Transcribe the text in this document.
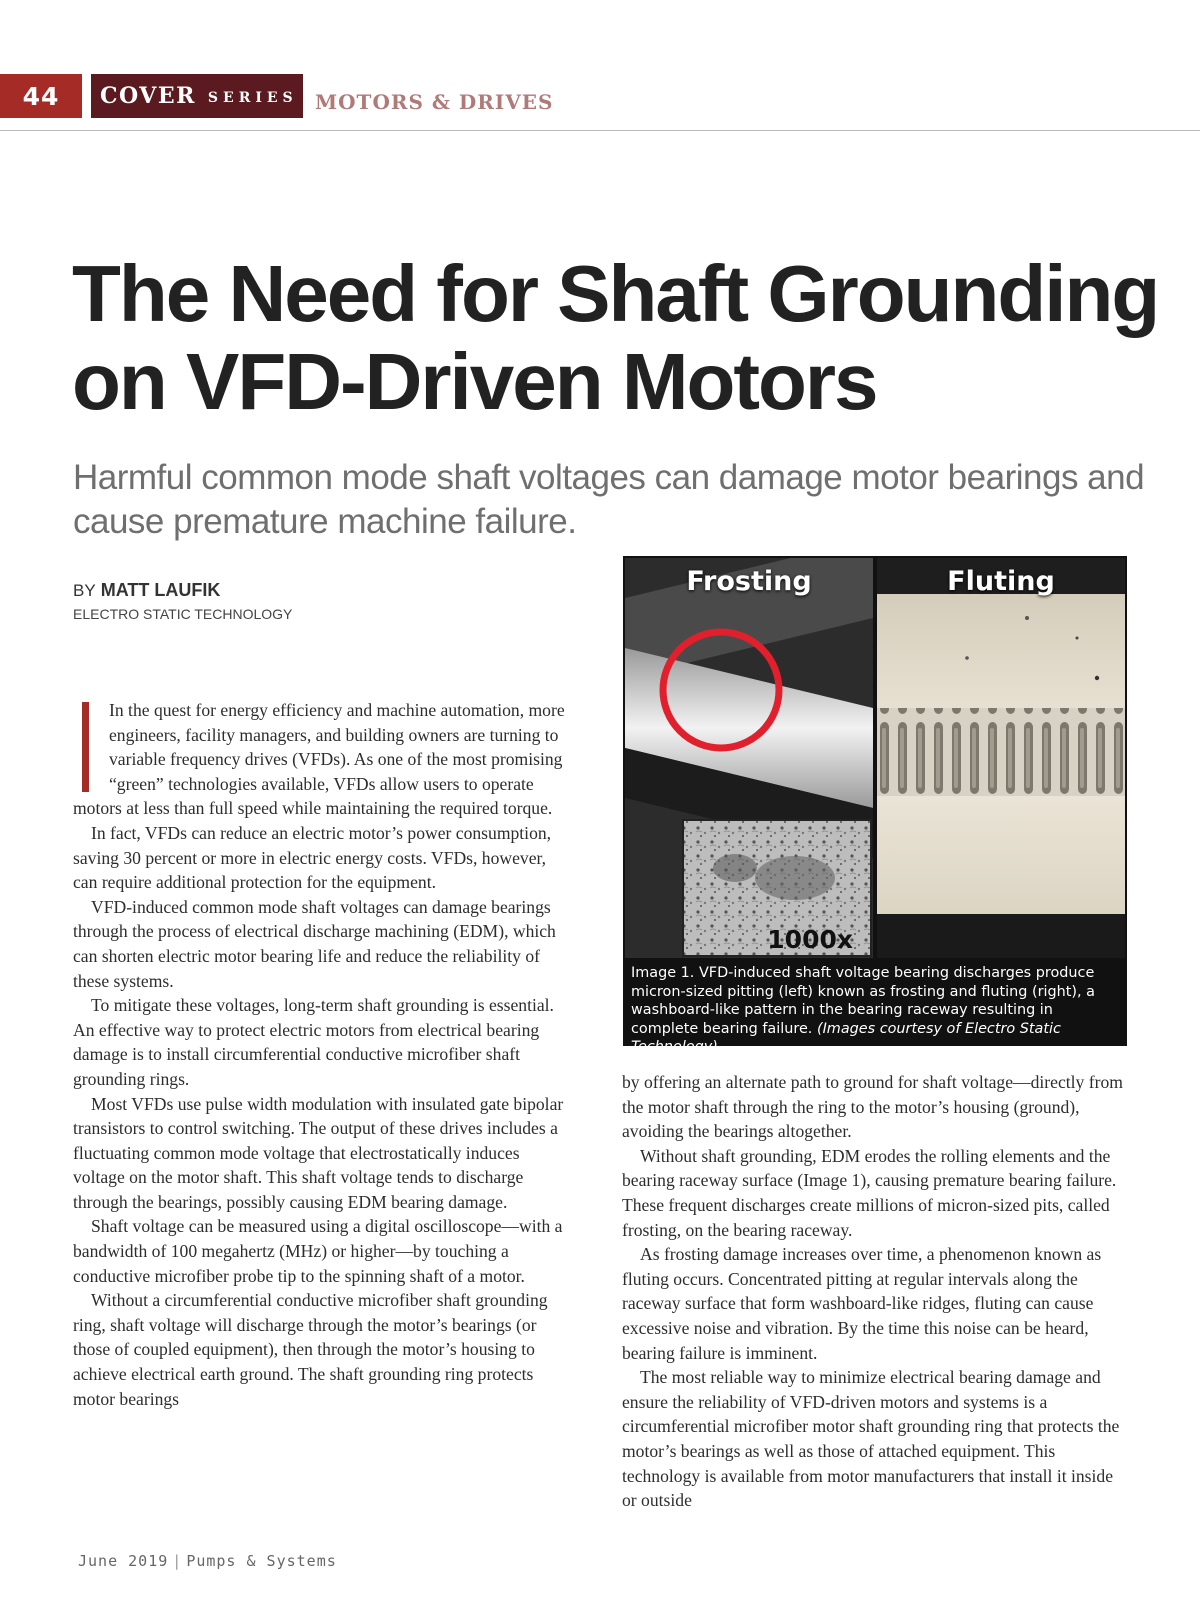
44	COVER SERIES MOTORS & DRIVES
The Need for Shaft Grounding on VFD-Driven Motors

Harmful common mode shaft voltages can damage motor bearings and cause premature machine failure.

BY MATT LAUFIK
ELECTRO STATIC TECHNOLOGY

In the quest for energy efficiency and machine automation, more engineers, facility managers, and building owners are turning to variable frequency drives (VFDs). As one of the most promising “green” technologies available, VFDs allow users to operate motors at less than full speed while maintaining the required torque.

In fact, VFDs can reduce an electric motor’s power consumption, saving 30 percent or more in electric energy costs. VFDs, however, can require additional protection for the equipment.

VFD-induced common mode shaft voltages can damage bearings through the process of electrical discharge machining (EDM), which can shorten electric motor bearing life and reduce the reliability of these systems.

To mitigate these voltages, long-term shaft grounding is essential. An effective way to protect electric motors from electrical bearing damage is to install circumferential conductive microfiber shaft grounding rings.

Most VFDs use pulse width modulation with insulated gate bipolar transistors to control switching. The output of these drives includes a fluctuating common mode voltage that electrostatically induces voltage on the motor shaft. This shaft voltage tends to discharge through the bearings, possibly causing EDM bearing damage.

Shaft voltage can be measured using a digital oscilloscope—with a bandwidth of 100 megahertz (MHz) or higher—by touching a conductive microfiber probe tip to the spinning shaft of a motor.

Without a circumferential conductive microfiber shaft grounding ring, shaft voltage will discharge through the motor’s bearings (or those of coupled equipment), then through the motor’s housing to achieve electrical earth ground. The shaft grounding ring protects motor bearings

Frosting
1000x
Fluting
Image 1. VFD-induced shaft voltage bearing discharges produce micron-sized pitting (left) known as frosting and fluting (right), a washboard-like pattern in the bearing raceway resulting in complete bearing failure. (Images courtesy of Electro Static Technology)

by offering an alternate path to ground for shaft voltage—directly from the motor shaft through the ring to the motor’s housing (ground), avoiding the bearings altogether.

Without shaft grounding, EDM erodes the rolling elements and the bearing raceway surface (Image 1), causing premature bearing failure. These frequent discharges create millions of micron-sized pits, called frosting, on the bearing raceway.

As frosting damage increases over time, a phenomenon known as fluting occurs. Concentrated pitting at regular intervals along the raceway surface that form washboard-like ridges, fluting can cause excessive noise and vibration. By the time this noise can be heard, bearing failure is imminent.

The most reliable way to minimize electrical bearing damage and ensure the reliability of VFD-driven motors and systems is a circumferential microfiber motor shaft grounding ring that protects the motor’s bearings as well as those of attached equipment. This technology is available from motor manufacturers that install it inside or outside

June 2019 | Pumps & Systems
